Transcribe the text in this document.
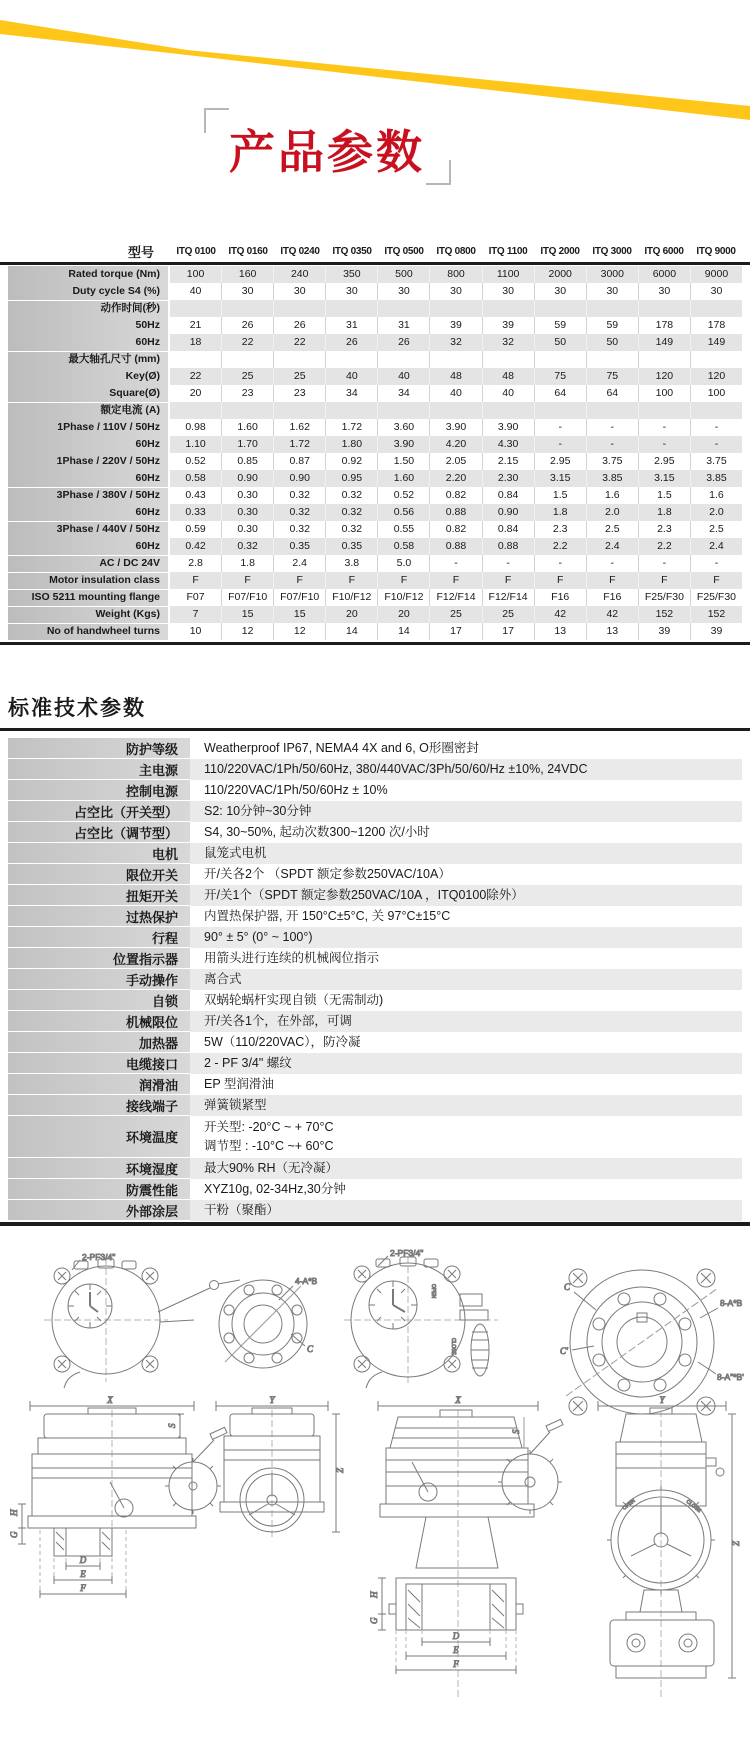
产品参数
型号	ITQ 0100	ITQ 0160	ITQ 0240	ITQ 0350	ITQ 0500	ITQ 0800	ITQ 1100	ITQ 2000	ITQ 3000	ITQ 6000	ITQ 9000
Rated torque (Nm)	100	160	240	350	500	800	1100	2000	3000	6000	9000
Duty cycle S4 (%)	40	30	30	30	30	30	30	30	30	30	30
动作时间(秒)
50Hz	21	26	26	31	31	39	39	59	59	178	178
60Hz	18	22	22	26	26	32	32	50	50	149	149
最大轴孔尺寸 (mm)
Key(Ø)	22	25	25	40	40	48	48	75	75	120	120
Square(Ø)	20	23	23	34	34	40	40	64	64	100	100
额定电流 (A)
1Phase / 110V / 50Hz	0.98	1.60	1.62	1.72	3.60	3.90	3.90	-	-	-	-
60Hz	1.10	1.70	1.72	1.80	3.90	4.20	4.30	-	-	-	-
1Phase / 220V / 50Hz	0.52	0.85	0.87	0.92	1.50	2.05	2.15	2.95	3.75	2.95	3.75
60Hz	0.58	0.90	0.90	0.95	1.60	2.20	2.30	3.15	3.85	3.15	3.85
3Phase / 380V / 50Hz	0.43	0.30	0.32	0.32	0.52	0.82	0.84	1.5	1.6	1.5	1.6
60Hz	0.33	0.30	0.32	0.32	0.56	0.88	0.90	1.8	2.0	1.8	2.0
3Phase / 440V / 50Hz	0.59	0.30	0.32	0.32	0.55	0.82	0.84	2.3	2.5	2.3	2.5
60Hz	0.42	0.32	0.35	0.35	0.58	0.88	0.88	2.2	2.4	2.2	2.4
AC / DC 24V	2.8	1.8	2.4	3.8	5.0	-	-	-	-	-	-
Motor insulation class	F	F	F	F	F	F	F	F	F	F	F
ISO 5211 mounting flange	F07	F07/F10	F07/F10	F10/F12	F10/F12	F12/F14	F12/F14	F16	F16	F25/F30	F25/F30
Weight (Kgs)	7	15	15	20	20	25	25	42	42	152	152
No of handwheel turns	10	12	12	14	14	17	17	13	13	39	39
标准技术参数
防护等级	Weatherproof IP67, NEMA4 4X and 6, O形圈密封
主电源	110/220VAC/1Ph/50/60Hz, 380/440VAC/3Ph/50/60/Hz ±10%, 24VDC
控制电源	110/220VAC/1Ph/50/60Hz ± 10%
占空比（开关型）	S2: 10分钟~30分钟
占空比（调节型）	S4, 30~50%, 起动次数300~1200 次/小时
电机	鼠笼式电机
限位开关	开/关各2个 （SPDT 额定参数250VAC/10A）
扭矩开关	开/关1个（SPDT 额定参数250VAC/10A ，ITQ0100除外）
过热保护	内置热保护器, 开 150°C±5°C, 关 97°C±15°C
行程	90° ± 5° (0° ~ 100°)
位置指示器	用箭头进行连续的机械阀位指示
手动操作	离合式
自锁	双蜗轮蜗杆实现自锁（无需制动)
机械限位	开/关各1个，在外部，可调
加热器	5W（110/220VAC），防冷凝
电缆接口	2 - PF 3/4" 螺纹
润滑油	EP 型润滑油
接线端子	弹簧锁紧型
环境温度
开关型: -20°C ~ + 70°C
调节型 : -10°C ~+ 60°C
环境湿度	最大90% RH（无冷凝）
防震性能	XYZ10g, 02-34Hz,30分钟
外部涂层	干粉（聚酯）
2-PF3/4"
4-A*B
C
2-PF3/4"
OPEN
CLOSE
C
C'
8-A*B
8-A"*B'
X
S
H
G
D
E
F
Y
Z
X
S
H
G
D
E
F
Y
OPEN	CLOSE
Z
